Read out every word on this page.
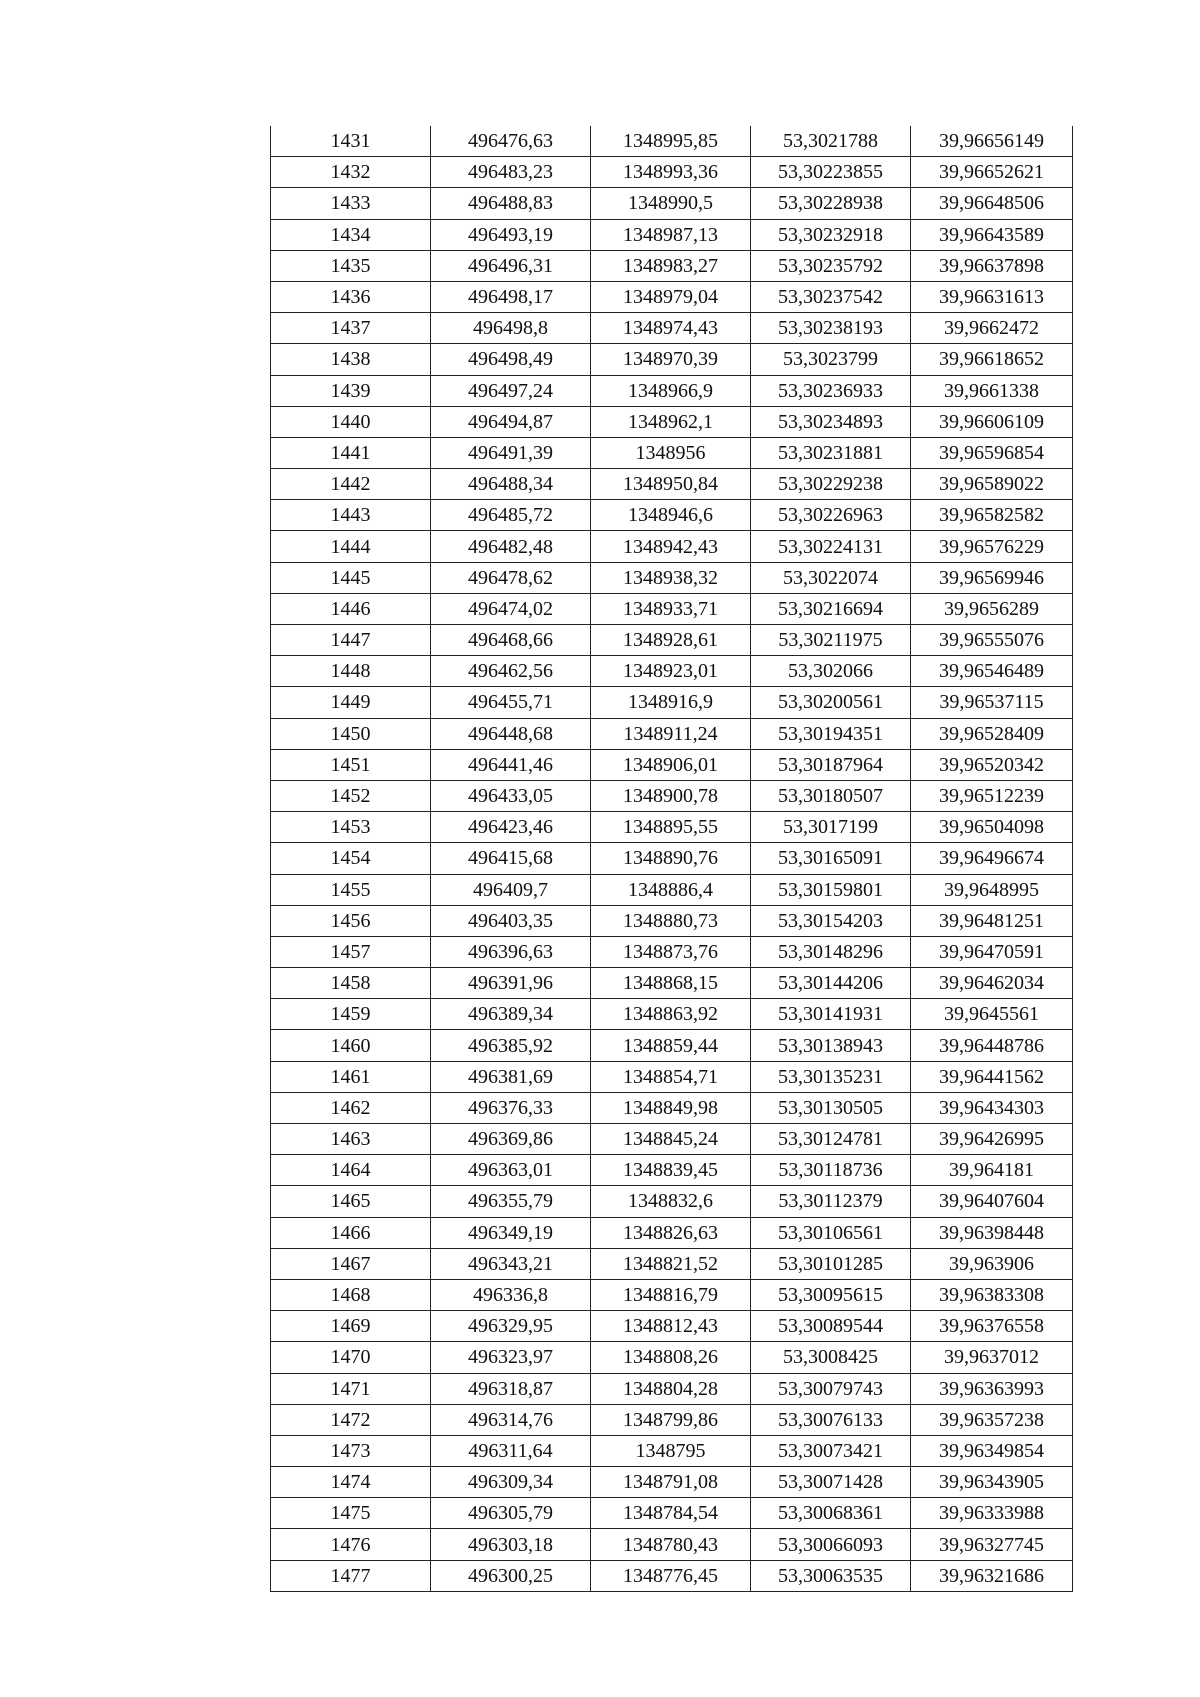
1431	496476,63	1348995,85	53,3021788	39,96656149
1432	496483,23	1348993,36	53,30223855	39,96652621
1433	496488,83	1348990,5	53,30228938	39,96648506
1434	496493,19	1348987,13	53,30232918	39,96643589
1435	496496,31	1348983,27	53,30235792	39,96637898
1436	496498,17	1348979,04	53,30237542	39,96631613
1437	496498,8	1348974,43	53,30238193	39,9662472
1438	496498,49	1348970,39	53,3023799	39,96618652
1439	496497,24	1348966,9	53,30236933	39,9661338
1440	496494,87	1348962,1	53,30234893	39,96606109
1441	496491,39	1348956	53,30231881	39,96596854
1442	496488,34	1348950,84	53,30229238	39,96589022
1443	496485,72	1348946,6	53,30226963	39,96582582
1444	496482,48	1348942,43	53,30224131	39,96576229
1445	496478,62	1348938,32	53,3022074	39,96569946
1446	496474,02	1348933,71	53,30216694	39,9656289
1447	496468,66	1348928,61	53,30211975	39,96555076
1448	496462,56	1348923,01	53,302066	39,96546489
1449	496455,71	1348916,9	53,30200561	39,96537115
1450	496448,68	1348911,24	53,30194351	39,96528409
1451	496441,46	1348906,01	53,30187964	39,96520342
1452	496433,05	1348900,78	53,30180507	39,96512239
1453	496423,46	1348895,55	53,3017199	39,96504098
1454	496415,68	1348890,76	53,30165091	39,96496674
1455	496409,7	1348886,4	53,30159801	39,9648995
1456	496403,35	1348880,73	53,30154203	39,96481251
1457	496396,63	1348873,76	53,30148296	39,96470591
1458	496391,96	1348868,15	53,30144206	39,96462034
1459	496389,34	1348863,92	53,30141931	39,9645561
1460	496385,92	1348859,44	53,30138943	39,96448786
1461	496381,69	1348854,71	53,30135231	39,96441562
1462	496376,33	1348849,98	53,30130505	39,96434303
1463	496369,86	1348845,24	53,30124781	39,96426995
1464	496363,01	1348839,45	53,30118736	39,964181
1465	496355,79	1348832,6	53,30112379	39,96407604
1466	496349,19	1348826,63	53,30106561	39,96398448
1467	496343,21	1348821,52	53,30101285	39,963906
1468	496336,8	1348816,79	53,30095615	39,96383308
1469	496329,95	1348812,43	53,30089544	39,96376558
1470	496323,97	1348808,26	53,3008425	39,9637012
1471	496318,87	1348804,28	53,30079743	39,96363993
1472	496314,76	1348799,86	53,30076133	39,96357238
1473	496311,64	1348795	53,30073421	39,96349854
1474	496309,34	1348791,08	53,30071428	39,96343905
1475	496305,79	1348784,54	53,30068361	39,96333988
1476	496303,18	1348780,43	53,30066093	39,96327745
1477	496300,25	1348776,45	53,30063535	39,96321686
